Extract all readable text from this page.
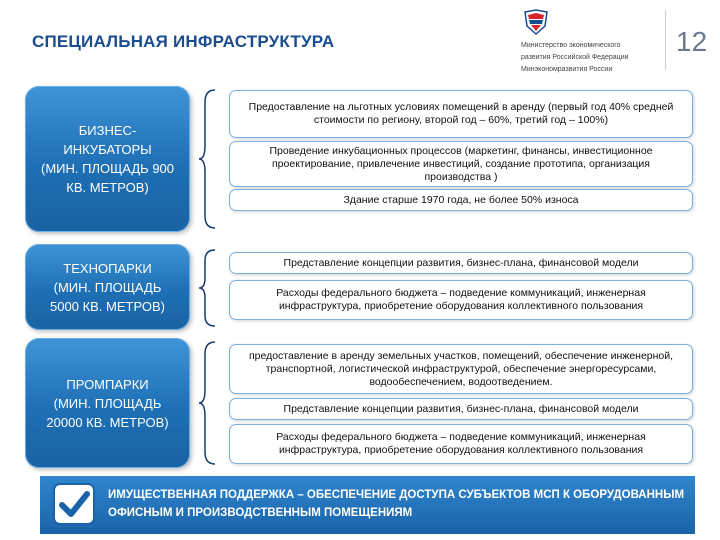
СПЕЦИАЛЬНАЯ ИНФРАСТРУКТУРА	Министерство экономического
развития Российской Федерации
Минэкономразвития России
12
БИЗНЕС-
ИНКУБАТОРЫ
(МИН. ПЛОЩАДЬ 900
КВ. МЕТРОВ)
Предоставление на льготных условиях помещений в аренду (первый год 40% средней стоимости по региону, второй год – 60%, третий год – 100%)
Проведение инкубационных процессов (маркетинг, финансы, инвестиционное проектирование, привлечение инвестиций, создание прототипа, организация производства )
Здание старше 1970 года, не более 50% износа
ТЕХНОПАРКИ
(МИН. ПЛОЩАДЬ
5000 КВ. МЕТРОВ)
Представление концепции развития, бизнес-плана, финансовой модели
Расходы федерального бюджета – подведение коммуникаций, инженерная инфраструктура, приобретение оборудования коллективного пользования
ПРОМПАРКИ
(МИН. ПЛОЩАДЬ
20000 КВ. МЕТРОВ)
предоставление в аренду земельных участков, помещений, обеспечение инженерной, транспортной, логистической инфраструктурой, обеспечение энергоресурсами, водообеспечением, водоотведением.
Представление концепции развития, бизнес-плана, финансовой модели
Расходы федерального бюджета – подведение коммуникаций, инженерная инфраструктура, приобретение оборудования коллективного пользования
ИМУЩЕСТВЕННАЯ ПОДДЕРЖКА – ОБЕСПЕЧЕНИЕ ДОСТУПА СУБЪЕКТОВ МСП К ОБОРУДОВАННЫМ ОФИСНЫМ И ПРОИЗВОДСТВЕННЫМ ПОМЕЩЕНИЯМ
